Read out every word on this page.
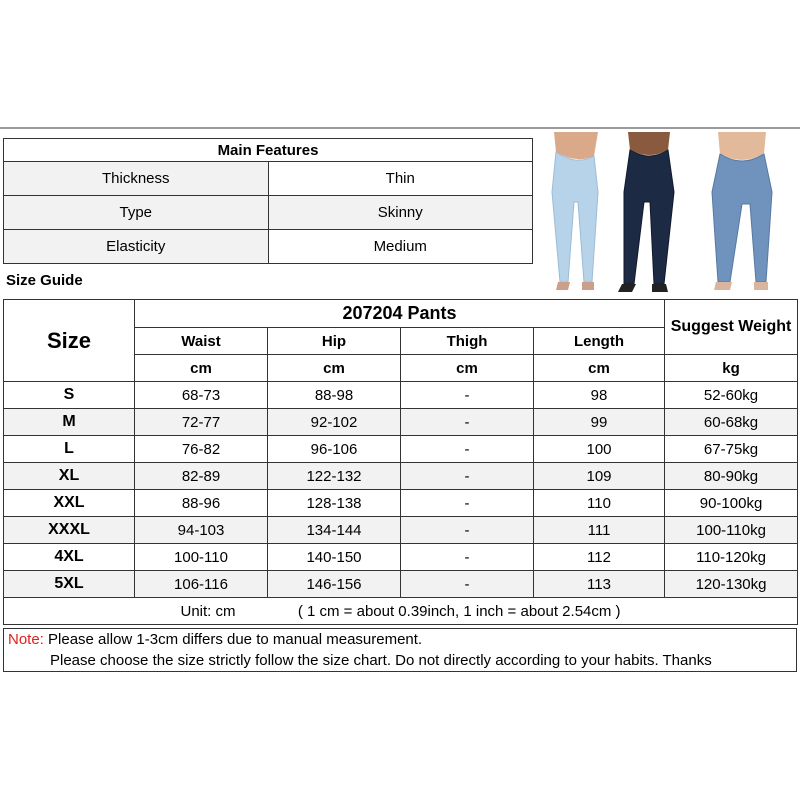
Main Features	
Thickness	Thin
Type	Skinny
Elasticity	Medium
Size Guide
Size	207204 Pants				Suggest Weight
	Waist	Hip	Thigh	Length	
	cm	cm	cm	cm	kg
S	68-73	88-98	-	98	52-60kg
M	72-77	92-102	-	99	60-68kg
L	76-82	96-106	-	100	67-75kg
XL	82-89	122-132	-	109	80-90kg
XXL	88-96	128-138	-	110	90-100kg
XXXL	94-103	134-144	-	111	100-110kg
4XL	100-110	140-150	-	112	110-120kg
5XL	106-116	146-156	-	113	120-130kg
Unit: cm ( 1 cm = about 0.39inch, 1 inch = about 2.54cm )					
Note: Please allow 1-3cm differs due to manual measurement.
Please choose the size strictly follow the size chart. Do not directly according to your habits. Thanks
